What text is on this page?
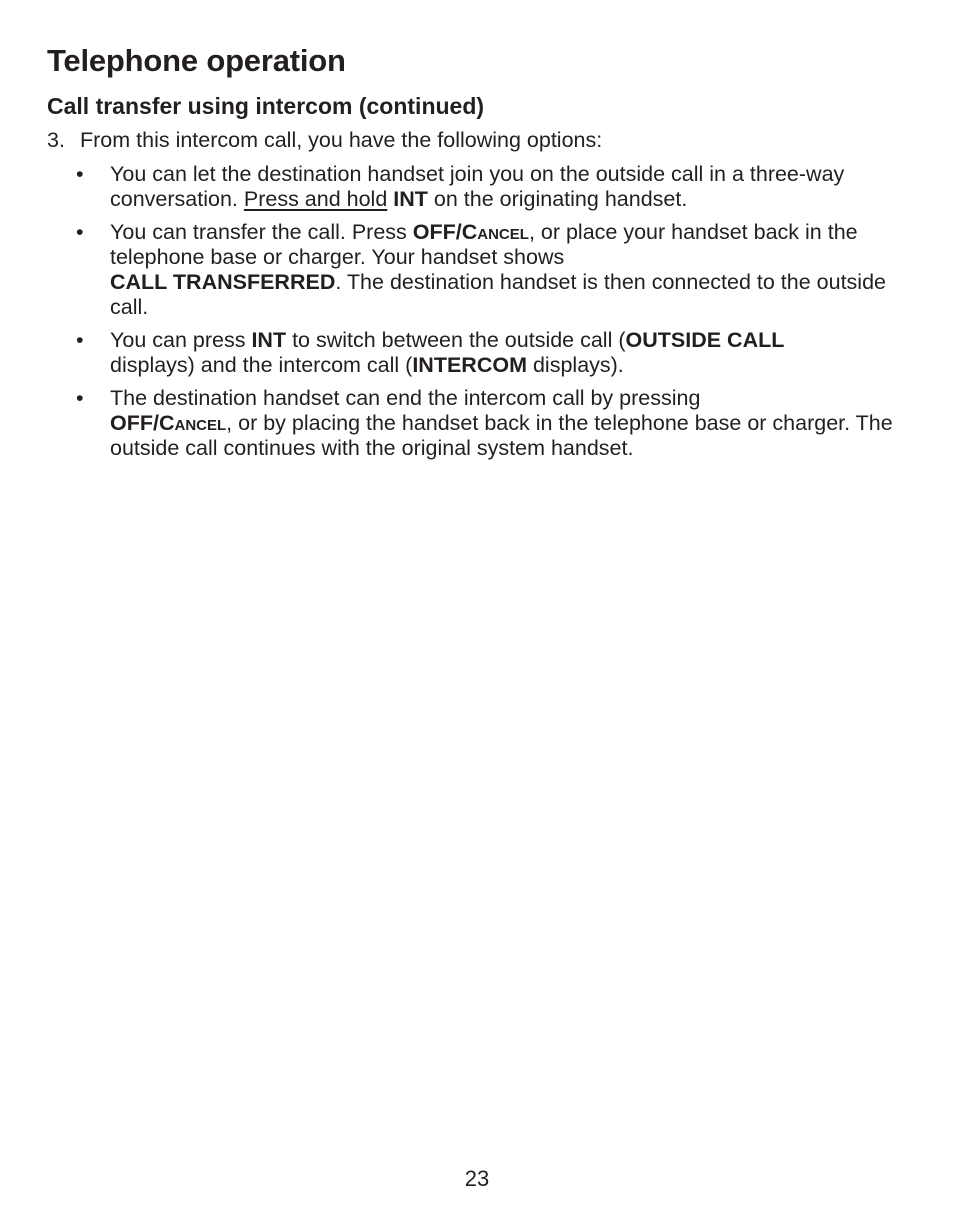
Telephone operation
Call transfer using intercom (continued)

3. From this intercom call, you have the following options:

• You can let the destination handset join you on the outside call in a three-way conversation. Press and hold INT on the originating handset.
• You can transfer the call. Press OFF/Cancel, or place your handset back in the telephone base or charger. Your handset shows
CALL TRANSFERRED. The destination handset is then connected to the outside call.
• You can press INT to switch between the outside call (OUTSIDE CALL
displays) and the intercom call (INTERCOM displays).
• The destination handset can end the intercom call by pressing
OFF/Cancel, or by placing the handset back in the telephone base or charger. The outside call continues with the original system handset.
23
